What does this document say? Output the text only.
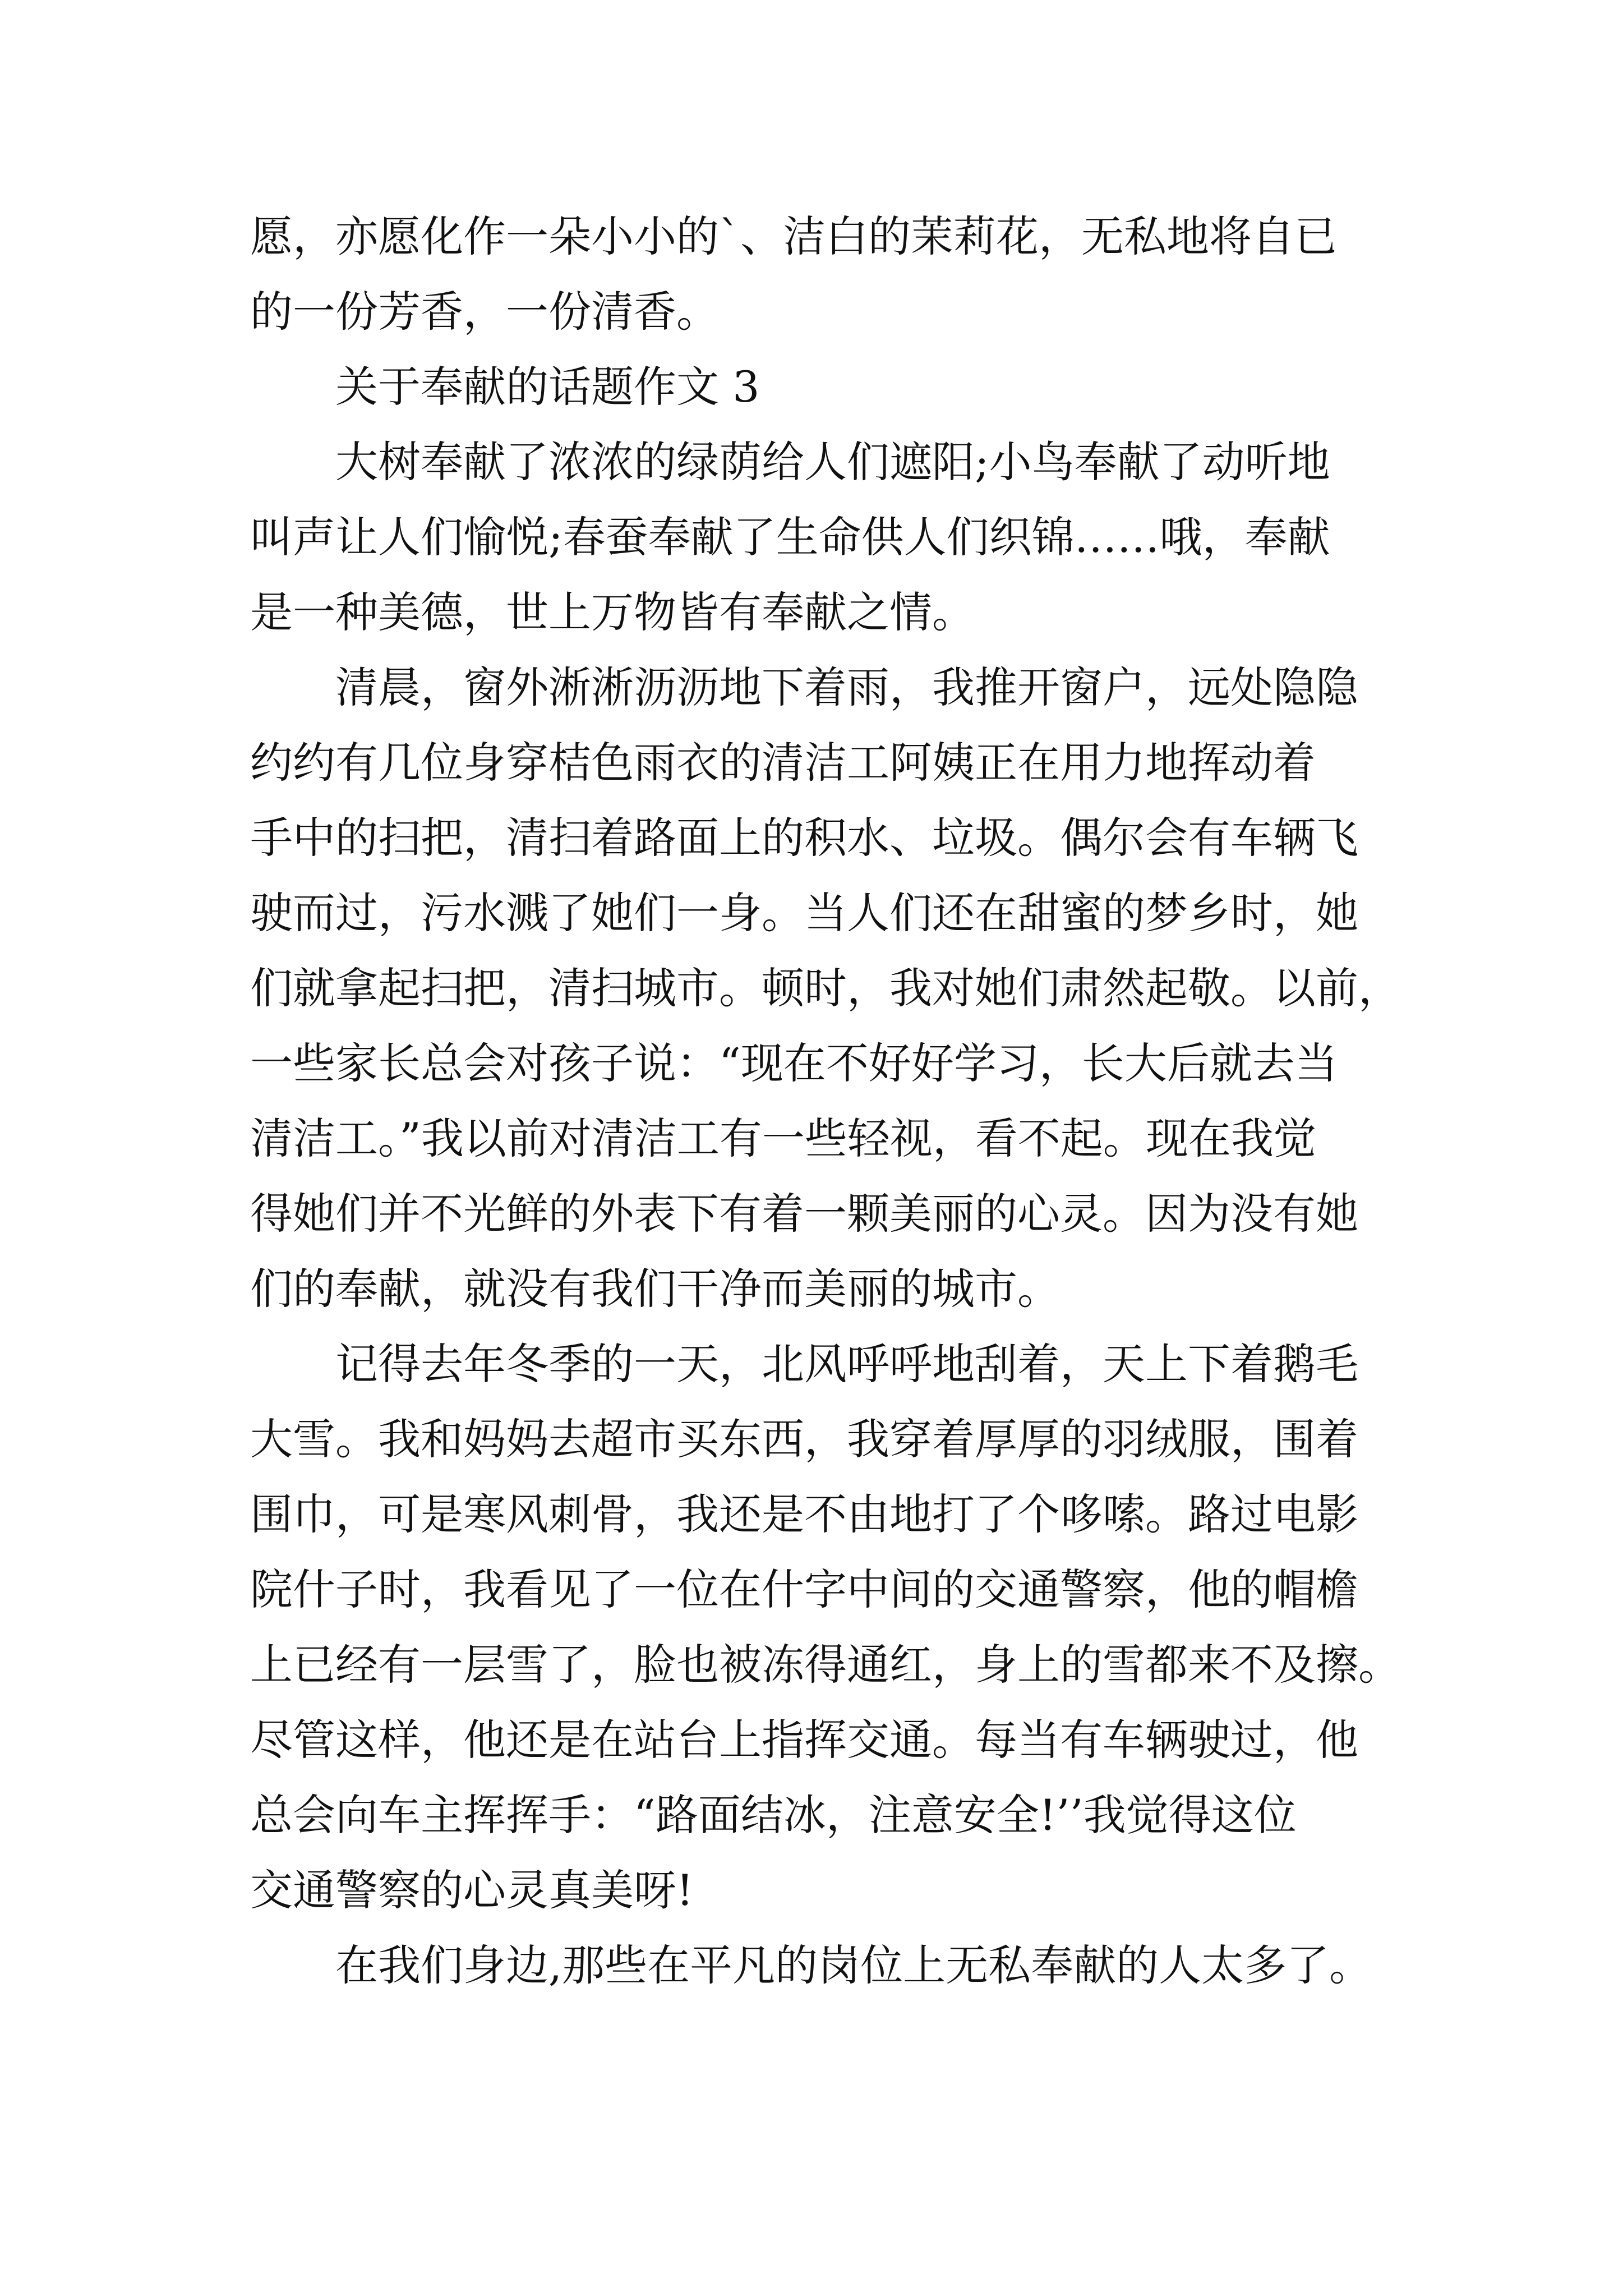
愿，亦愿化作一朵小小的`、洁白的茉莉花，无私地将自已
的一份芳香，一份清香。
关于奉献的话题作文 3
大树奉献了浓浓的绿荫给人们遮阳;小鸟奉献了动听地
叫声让人们愉悦;春蚕奉献了生命供人们织锦……哦，奉献
是一种美德，世上万物皆有奉献之情。
清晨，窗外淅淅沥沥地下着雨，我推开窗户，远处隐隐
约约有几位身穿桔色雨衣的清洁工阿姨正在用力地挥动着
手中的扫把，清扫着路面上的积水、垃圾。偶尔会有车辆飞
驶而过，污水溅了她们一身。当人们还在甜蜜的梦乡时，她
们就拿起扫把，清扫城市。顿时，我对她们肃然起敬。以前，
一些家长总会对孩子说：“现在不好好学习，长大后就去当
清洁工。”我以前对清洁工有一些轻视，看不起。现在我觉
得她们并不光鲜的外表下有着一颗美丽的心灵。因为没有她
们的奉献，就没有我们干净而美丽的城市。
记得去年冬季的一天，北风呼呼地刮着，天上下着鹅毛
大雪。我和妈妈去超市买东西，我穿着厚厚的羽绒服，围着
围巾，可是寒风刺骨，我还是不由地打了个哆嗦。路过电影
院什子时，我看见了一位在什字中间的交通警察，他的帽檐
上已经有一层雪了，脸也被冻得通红，身上的雪都来不及擦。
尽管这样，他还是在站台上指挥交通。每当有车辆驶过，他
总会向车主挥挥手：“路面结冰，注意安全!’’我觉得这位
交通警察的心灵真美呀!
在我们身边,那些在平凡的岗位上无私奉献的人太多了。
